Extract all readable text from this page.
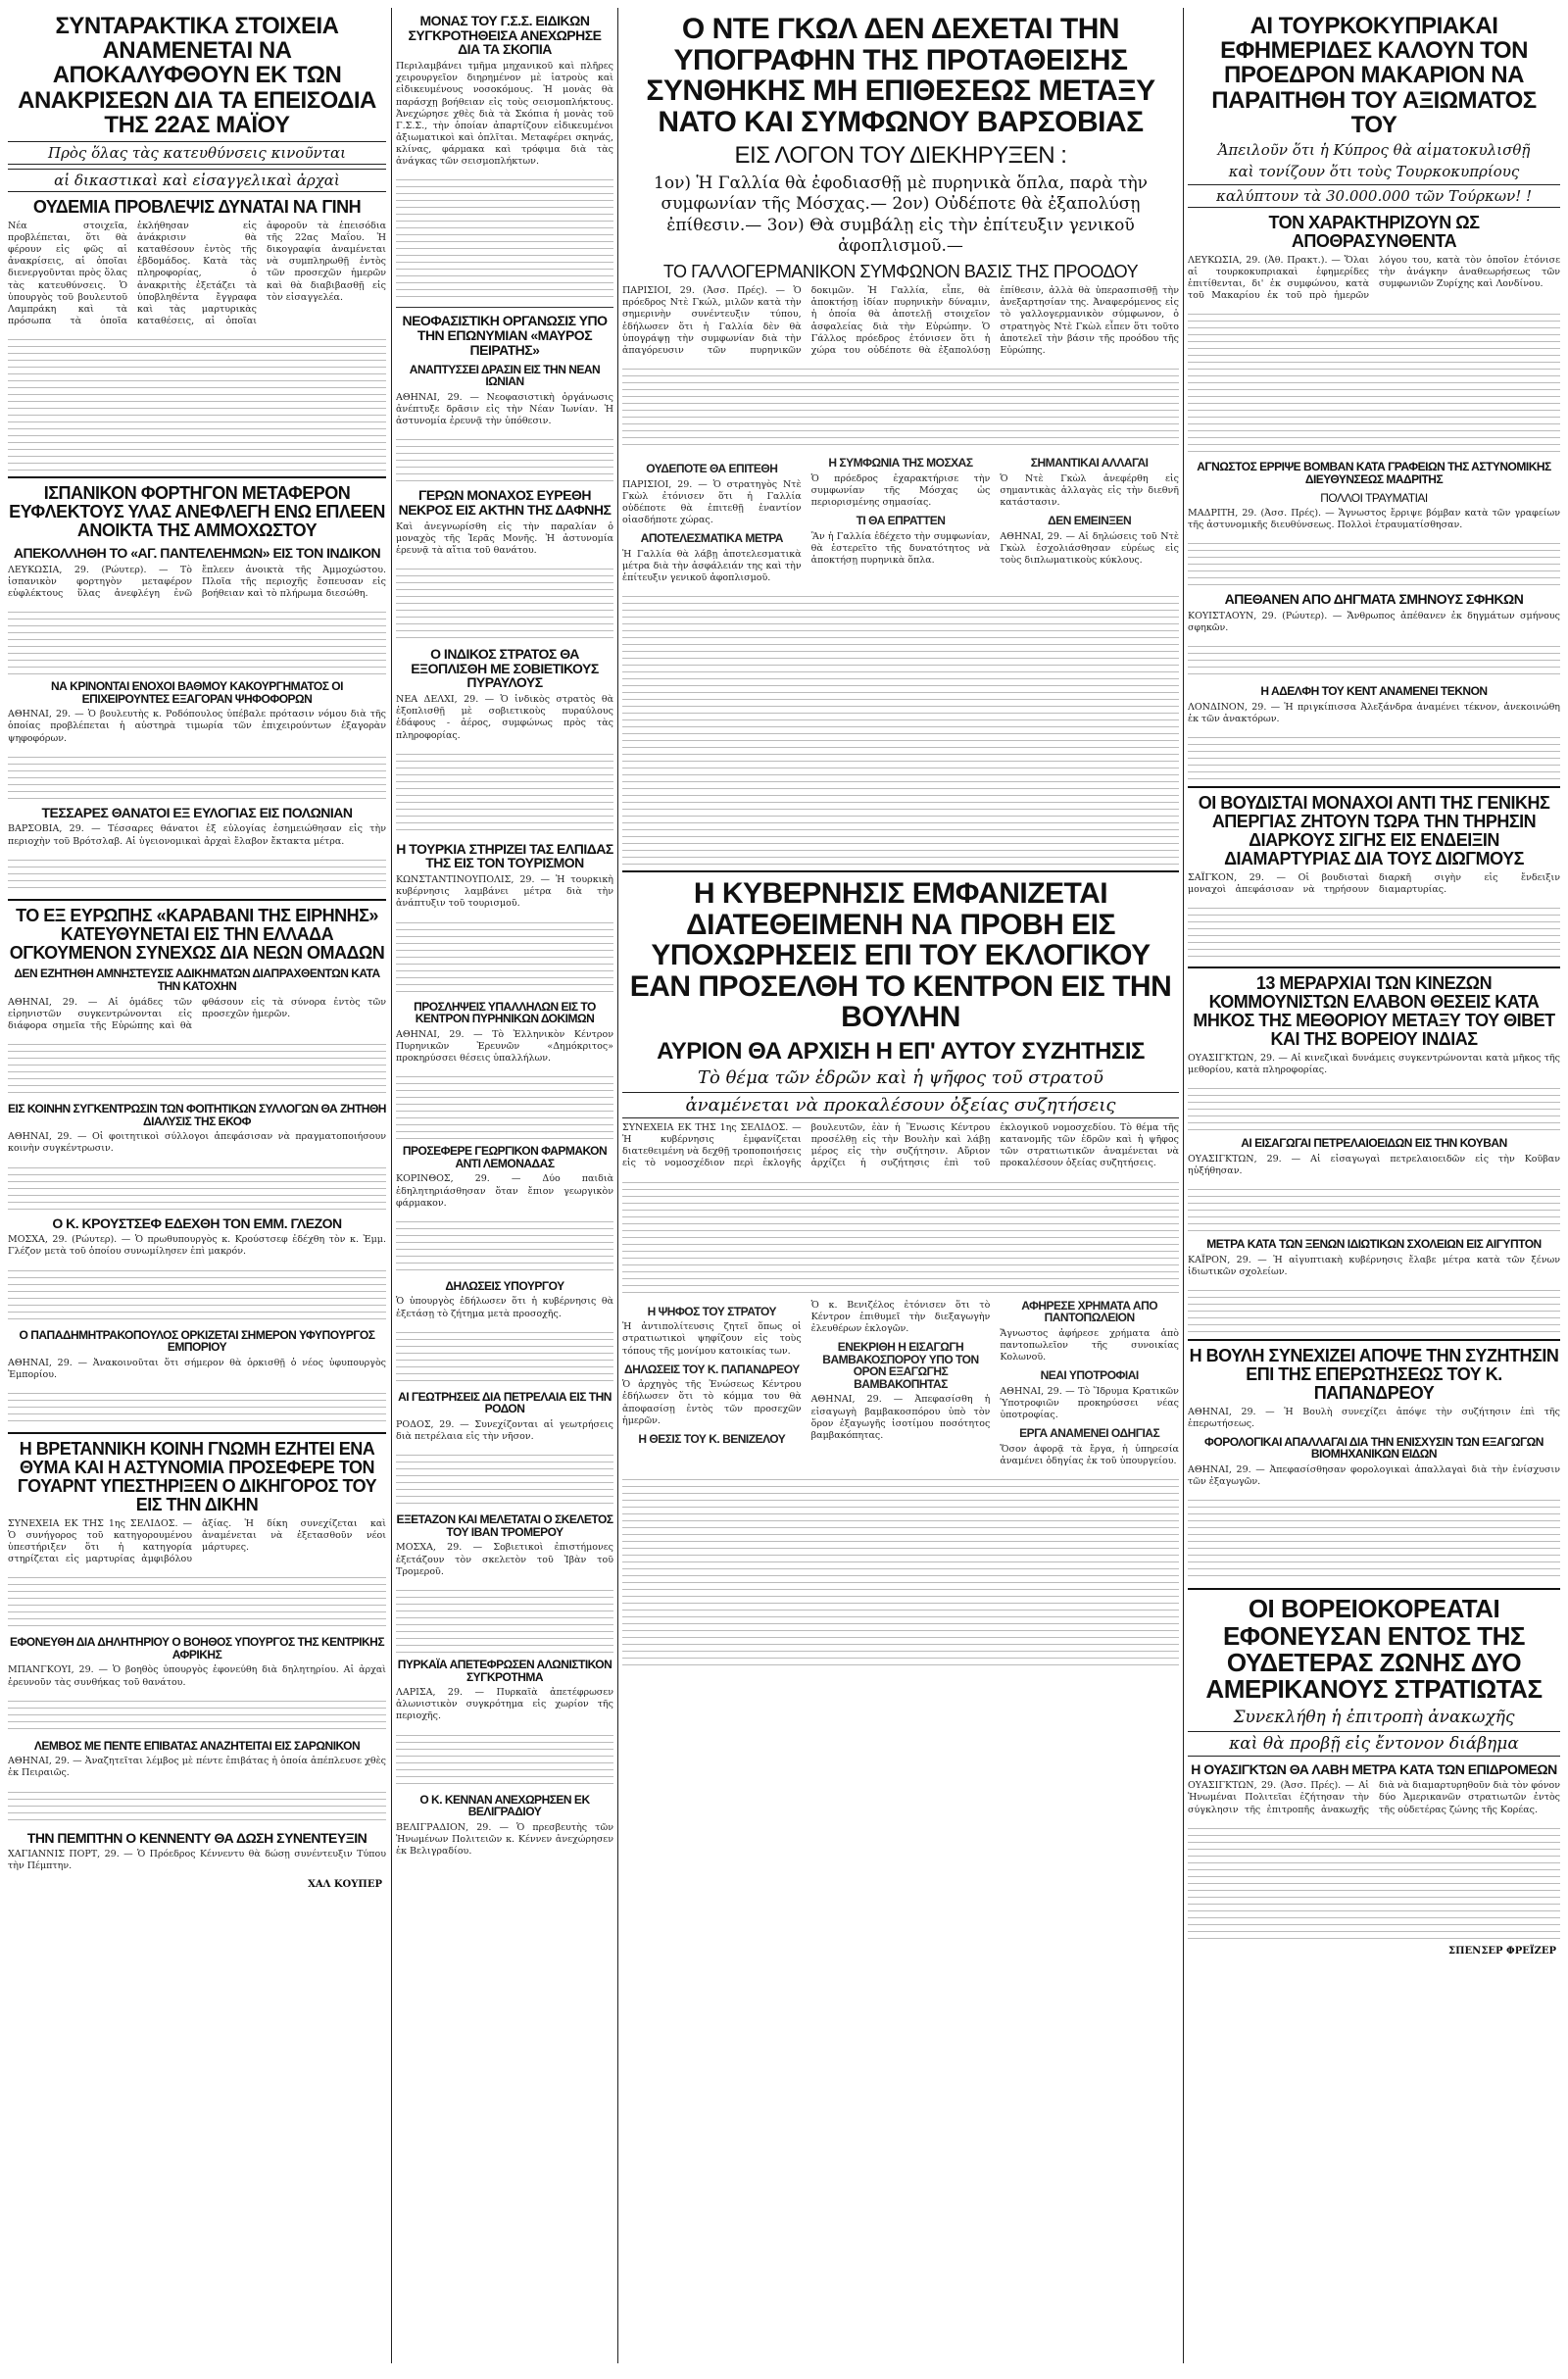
ΣΥΝΤΑΡΑΚΤΙΚΑ ΣΤΟΙΧΕΙΑ ΑΝΑΜΕΝΕΤΑΙ ΝΑ ΑΠΟΚΑΛΥΦΘΟΥΝ ΕΚ ΤΩΝ ΑΝΑΚΡΙΣΕΩΝ ΔΙΑ ΤΑ ΕΠΕΙΣΟΔΙΑ ΤΗΣ 22ΑΣ ΜΑΪΟΥ
Πρὸς ὅλας τὰς κατευθύνσεις κινοῦνται
αἱ δικαστικαὶ καὶ εἰσαγγελικαὶ ἀρχαὶ
ΟΥΔΕΜΙΑ ΠΡΟΒΛΕΨΙΣ ΔΥΝΑΤΑΙ ΝΑ ΓΙΝΗ
Νέα στοιχεῖα, προβλέπεται, ὅτι θὰ φέρουν εἰς φῶς αἱ ἀνακρίσεις, αἱ ὁποῖαι διενεργοῦνται πρὸς ὅλας τὰς κατευθύνσεις. Ὁ ὑπουργὸς τοῦ βουλευτοῦ Λαμπράκη καὶ τὰ πρόσωπα τὰ ὁποῖα ἐκλήθησαν εἰς ἀνάκρισιν θὰ καταθέσουν ἐντὸς τῆς ἑβδομάδος. Κατὰ τὰς πληροφορίας, ὁ ἀνακριτὴς ἐξετάζει τὰ ὑποβληθέντα ἔγγραφα καὶ τὰς μαρτυρικὰς καταθέσεις, αἱ ὁποῖαι ἀφοροῦν τὰ ἐπεισόδια τῆς 22ας Μαΐου. Ἡ δικογραφία ἀναμένεται νὰ συμπληρωθῇ ἐντὸς τῶν προσεχῶν ἡμερῶν καὶ θὰ διαβιβασθῇ εἰς τὸν εἰσαγγελέα.
ΙΣΠΑΝΙΚΟΝ ΦΟΡΤΗΓΟΝ ΜΕΤΑΦΕΡΟΝ ΕΥΦΛΕΚΤΟΥΣ ΥΛΑΣ ΑΝΕΦΛΕΓΗ ΕΝΩ ΕΠΛΕΕΝ ΑΝΟΙΚΤΑ ΤΗΣ ΑΜΜΟΧΩΣΤΟΥ
ΑΠΕΚΟΛΛΗΘΗ ΤΟ «ΑΓ. ΠΑΝΤΕΛΕΗΜΩΝ» ΕΙΣ ΤΟΝ ΙΝΔΙΚΟΝ
ΛΕΥΚΩΣΙΑ, 29. (Ρώυτερ). — Τὸ ἱσπανικὸν φορτηγὸν μεταφέρον εὐφλέκτους ὕλας ἀνεφλέγη ἐνῶ ἔπλεεν ἀνοικτὰ τῆς Ἀμμοχώστου. Πλοῖα τῆς περιοχῆς ἔσπευσαν εἰς βοήθειαν καὶ τὸ πλήρωμα διεσώθη.
ΝΑ ΚΡΙΝΟΝΤΑΙ ΕΝΟΧΟΙ ΒΑΘΜΟΥ ΚΑΚΟΥΡΓΗΜΑΤΟΣ ΟΙ ΕΠΙΧΕΙΡΟΥΝΤΕΣ ΕΞΑΓΟΡΑΝ ΨΗΦΟΦΟΡΩΝ
ΑΘΗΝΑΙ, 29. — Ὁ βουλευτὴς κ. Ροδόπουλος ὑπέβαλε πρότασιν νόμου διὰ τῆς ὁποίας προβλέπεται ἡ αὐστηρὰ τιμωρία τῶν ἐπιχειρούντων ἐξαγορὰν ψηφοφόρων.
ΤΕΣΣΑΡΕΣ ΘΑΝΑΤΟΙ ΕΞ ΕΥΛΟΓΙΑΣ ΕΙΣ ΠΟΛΩΝΙΑΝ
ΒΑΡΣΟΒΙΑ, 29. — Τέσσαρες θάνατοι ἐξ εὐλογίας ἐσημειώθησαν εἰς τὴν περιοχὴν τοῦ Βρότσλαβ. Αἱ ὑγειονομικαὶ ἀρχαὶ ἔλαβον ἔκτακτα μέτρα.
ΤΟ ΕΞ ΕΥΡΩΠΗΣ «ΚΑΡΑΒΑΝΙ ΤΗΣ ΕΙΡΗΝΗΣ» ΚΑΤΕΥΘΥΝΕΤΑΙ ΕΙΣ ΤΗΝ ΕΛΛΑΔΑ ΟΓΚΟΥΜΕΝΟΝ ΣΥΝΕΧΩΣ ΔΙΑ ΝΕΩΝ ΟΜΑΔΩΝ
ΔΕΝ ΕΖΗΤΗΘΗ ΑΜΝΗΣΤΕΥΣΙΣ ΑΔΙΚΗΜΑΤΩΝ ΔΙΑΠΡΑΧΘΕΝΤΩΝ ΚΑΤΑ ΤΗΝ ΚΑΤΟΧΗΝ
ΑΘΗΝΑΙ, 29. — Αἱ ὁμάδες τῶν εἰρηνιστῶν συγκεντρώνονται εἰς διάφορα σημεῖα τῆς Εὐρώπης καὶ θὰ φθάσουν εἰς τὰ σύνορα ἐντὸς τῶν προσεχῶν ἡμερῶν.
ΕΙΣ ΚΟΙΝΗΝ ΣΥΓΚΕΝΤΡΩΣΙΝ ΤΩΝ ΦΟΙΤΗΤΙΚΩΝ ΣΥΛΛΟΓΩΝ ΘΑ ΖΗΤΗΘΗ ΔΙΑΛΥΣΙΣ ΤΗΣ ΕΚΟΦ
ΑΘΗΝΑΙ, 29. — Οἱ φοιτητικοὶ σύλλογοι ἀπεφάσισαν νὰ πραγματοποιήσουν κοινὴν συγκέντρωσιν.
Ο Κ. ΚΡΟΥΣΤΣΕΦ ΕΔΕΧΘΗ ΤΟΝ ΕΜΜ. ΓΛΕΖΟΝ
ΜΟΣΧΑ, 29. (Ρώυτερ). — Ὁ πρωθυπουργὸς κ. Κρούστσεφ ἐδέχθη τὸν κ. Ἐμμ. Γλέζον μετὰ τοῦ ὁποίου συνωμίλησεν ἐπὶ μακρόν.
Ο ΠΑΠΑΔΗΜΗΤΡΑΚΟΠΟΥΛΟΣ ΟΡΚΙΖΕΤΑΙ ΣΗΜΕΡΟΝ ΥΦΥΠΟΥΡΓΟΣ ΕΜΠΟΡΙΟΥ
ΑΘΗΝΑΙ, 29. — Ἀνακοινοῦται ὅτι σήμερον θὰ ὁρκισθῇ ὁ νέος ὑφυπουργὸς Ἐμπορίου.
Η ΒΡΕΤΑΝΝΙΚΗ ΚΟΙΝΗ ΓΝΩΜΗ ΕΖΗΤΕΙ ΕΝΑ ΘΥΜΑ ΚΑΙ Η ΑΣΤΥΝΟΜΙΑ ΠΡΟΣΕΦΕΡΕ ΤΟΝ ΓΟΥΑΡΝΤ ΥΠΕΣΤΗΡΙΞΕΝ Ο ΔΙΚΗΓΟΡΟΣ ΤΟΥ ΕΙΣ ΤΗΝ ΔΙΚΗΝ
ΣΥΝΕΧΕΙΑ ΕΚ ΤΗΣ 1ης ΣΕΛΙΔΟΣ. — Ὁ συνήγορος τοῦ κατηγορουμένου ὑπεστήριξεν ὅτι ἡ κατηγορία στηρίζεται εἰς μαρτυρίας ἀμφιβόλου ἀξίας. Ἡ δίκη συνεχίζεται καὶ ἀναμένεται νὰ ἐξετασθοῦν νέοι μάρτυρες.
ΕΦΟΝΕΥΘΗ ΔΙΑ ΔΗΛΗΤΗΡΙΟΥ Ο ΒΟΗΘΟΣ ΥΠΟΥΡΓΟΣ ΤΗΣ ΚΕΝΤΡΙΚΗΣ ΑΦΡΙΚΗΣ
ΜΠΑΝΓΚΟΥΙ, 29. — Ὁ βοηθὸς ὑπουργὸς ἐφονεύθη διὰ δηλητηρίου. Αἱ ἀρχαὶ ἐρευνοῦν τὰς συνθήκας τοῦ θανάτου.
ΛΕΜΒΟΣ ΜΕ ΠΕΝΤΕ ΕΠΙΒΑΤΑΣ ΑΝΑΖΗΤΕΙΤΑΙ ΕΙΣ ΣΑΡΩΝΙΚΟΝ
ΑΘΗΝΑΙ, 29. — Ἀναζητεῖται λέμβος μὲ πέντε ἐπιβάτας ἡ ὁποία ἀπέπλευσε χθὲς ἐκ Πειραιῶς.
ΤΗΝ ΠΕΜΠΤΗΝ Ο ΚΕΝΝΕΝΤΥ ΘΑ ΔΩΣΗ ΣΥΝΕΝΤΕΥΞΙΝ
ΧΑΓΙΑΝΝΙΣ ΠΟΡΤ, 29. — Ὁ Πρόεδρος Κέννεντυ θὰ δώσῃ συνέντευξιν Τύπου τὴν Πέμπτην.
ΧΑΛ ΚΟΥΠΕΡ
ΜΟΝΑΣ ΤΟΥ Γ.Σ.Σ. ΕΙΔΙΚΩΝ ΣΥΓΚΡΟΤΗΘΕΙΣΑ ΑΝΕΧΩΡΗΣΕ ΔΙΑ ΤΑ ΣΚΟΠΙΑ
Περιλαμβάνει τμῆμα μηχανικοῦ καὶ πλῆρες χειρουργεῖον διηρημένον μὲ ἰατροὺς καὶ εἰδικευμένους νοσοκόμους. Ἡ μονὰς θὰ παράσχῃ βοήθειαν εἰς τοὺς σεισμοπλήκτους. Ἀνεχώρησε χθὲς διὰ τὰ Σκόπια ἡ μονὰς τοῦ Γ.Σ.Σ., τὴν ὁποίαν ἀπαρτίζουν εἰδικευμένοι ἀξιωματικοὶ καὶ ὁπλῖται. Μεταφέρει σκηνάς, κλίνας, φάρμακα καὶ τρόφιμα διὰ τὰς ἀνάγκας τῶν σεισμοπλήκτων.
ΝΕΟΦΑΣΙΣΤΙΚΗ ΟΡΓΑΝΩΣΙΣ ΥΠΟ ΤΗΝ ΕΠΩΝΥΜΙΑΝ «ΜΑΥΡΟΣ ΠΕΙΡΑΤΗΣ»
ΑΝΑΠΤΥΣΣΕΙ ΔΡΑΣΙΝ ΕΙΣ ΤΗΝ ΝΕΑΝ ΙΩΝΙΑΝ
ΑΘΗΝΑΙ, 29. — Νεοφασιστικὴ ὀργάνωσις ἀνέπτυξε δρᾶσιν εἰς τὴν Νέαν Ἰωνίαν. Ἡ ἀστυνομία ἐρευνᾷ τὴν ὑπόθεσιν.
ΓΕΡΩΝ ΜΟΝΑΧΟΣ ΕΥΡΕΘΗ ΝΕΚΡΟΣ ΕΙΣ ΑΚΤΗΝ ΤΗΣ ΔΑΦΝΗΣ
Καὶ ἀνεγνωρίσθη εἰς τὴν παραλίαν ὁ μοναχὸς τῆς Ἱερᾶς Μονῆς. Ἡ ἀστυνομία ἐρευνᾷ τὰ αἴτια τοῦ θανάτου.
Ο ΙΝΔΙΚΟΣ ΣΤΡΑΤΟΣ ΘΑ ΕΞΟΠΛΙΣΘΗ ΜΕ ΣΟΒΙΕΤΙΚΟΥΣ ΠΥΡΑΥΛΟΥΣ
ΝΕΑ ΔΕΛΧΙ, 29. — Ὁ ἰνδικὸς στρατὸς θὰ ἐξοπλισθῇ μὲ σοβιετικοὺς πυραύλους ἐδάφους - ἀέρος, συμφώνως πρὸς τὰς πληροφορίας.
Η ΤΟΥΡΚΙΑ ΣΤΗΡΙΖΕΙ ΤΑΣ ΕΛΠΙΔΑΣ ΤΗΣ ΕΙΣ ΤΟΝ ΤΟΥΡΙΣΜΟΝ
ΚΩΝΣΤΑΝΤΙΝΟΥΠΟΛΙΣ, 29. — Ἡ τουρκικὴ κυβέρνησις λαμβάνει μέτρα διὰ τὴν ἀνάπτυξιν τοῦ τουρισμοῦ.
ΠΡΟΣΛΗΨΕΙΣ ΥΠΑΛΛΗΛΩΝ ΕΙΣ ΤΟ ΚΕΝΤΡΟΝ ΠΥΡΗΝΙΚΩΝ ΔΟΚΙΜΩΝ
ΑΘΗΝΑΙ, 29. — Τὸ Ἑλληνικὸν Κέντρον Πυρηνικῶν Ἐρευνῶν «Δημόκριτος» προκηρύσσει θέσεις ὑπαλλήλων.
ΠΡΟΣΕΦΕΡΕ ΓΕΩΡΓΙΚΟΝ ΦΑΡΜΑΚΟΝ ΑΝΤΙ ΛΕΜΟΝΑΔΑΣ
ΚΟΡΙΝΘΟΣ, 29. — Δύο παιδιὰ ἐδηλητηριάσθησαν ὅταν ἔπιον γεωργικὸν φάρμακον.
ΔΗΛΩΣΕΙΣ ΥΠΟΥΡΓΟΥ
Ὁ ὑπουργὸς ἐδήλωσεν ὅτι ἡ κυβέρνησις θὰ ἐξετάσῃ τὸ ζήτημα μετὰ προσοχῆς.
ΑΙ ΓΕΩΤΡΗΣΕΙΣ ΔΙΑ ΠΕΤΡΕΛΑΙΑ ΕΙΣ ΤΗΝ ΡΟΔΟΝ
ΡΟΔΟΣ, 29. — Συνεχίζονται αἱ γεωτρήσεις διὰ πετρέλαια εἰς τὴν νῆσον.
ΕΞΕΤΑΖΟΝ ΚΑΙ ΜΕΛΕΤΑΤΑΙ Ο ΣΚΕΛΕΤΟΣ ΤΟΥ ΙΒΑΝ ΤΡΟΜΕΡΟΥ
ΜΟΣΧΑ, 29. — Σοβιετικοὶ ἐπιστήμονες ἐξετάζουν τὸν σκελετὸν τοῦ Ἰβὰν τοῦ Τρομεροῦ.
ΠΥΡΚΑΪΑ ΑΠΕΤΕΦΡΩΣΕΝ ΑΛΩΝΙΣΤΙΚΟΝ ΣΥΓΚΡΟΤΗΜΑ
ΛΑΡΙΣΑ, 29. — Πυρκαϊὰ ἀπετέφρωσεν ἀλωνιστικὸν συγκρότημα εἰς χωρίον τῆς περιοχῆς.
Ο Κ. ΚΕΝΝΑΝ ΑΝΕΧΩΡΗΣΕΝ ΕΚ ΒΕΛΙΓΡΑΔΙΟΥ
ΒΕΛΙΓΡΑΔΙΟΝ, 29. — Ὁ πρεσβευτὴς τῶν Ἡνωμένων Πολιτειῶν κ. Κέννεν ἀνεχώρησεν ἐκ Βελιγραδίου.
Ο ΝΤΕ ΓΚΩΛ ΔΕΝ ΔΕΧΕΤΑΙ ΤΗΝ ΥΠΟΓΡΑΦΗΝ ΤΗΣ ΠΡΟΤΑΘΕΙΣΗΣ ΣΥΝΘΗΚΗΣ ΜΗ ΕΠΙΘΕΣΕΩΣ ΜΕΤΑΞΥ ΝΑΤΟ ΚΑΙ ΣΥΜΦΩΝΟΥ ΒΑΡΣΟΒΙΑΣ
ΕΙΣ ΛΟΓΟΝ ΤΟΥ ΔΙΕΚΗΡΥΞΕΝ :
1ον) Ἡ Γαλλία θὰ ἐφοδιασθῇ μὲ πυρηνικὰ ὅπλα, παρὰ τὴν συμφωνίαν τῆς Μόσχας.— 2ον) Οὐδέποτε θὰ ἐξαπολύσῃ ἐπίθεσιν.— 3ον) Θὰ συμβάλῃ εἰς τὴν ἐπίτευξιν γενικοῦ ἀφοπλισμοῦ.—
ΤΟ ΓΑΛΛΟΓΕΡΜΑΝΙΚΟΝ ΣΥΜΦΩΝΟΝ ΒΑΣΙΣ ΤΗΣ ΠΡΟΟΔΟΥ
ΠΑΡΙΣΙΟΙ, 29. (Ἀσσ. Πρές). — Ὁ πρόεδρος Ντὲ Γκώλ, μιλῶν κατὰ τὴν σημερινὴν συνέντευξιν τύπου, ἐδήλωσεν ὅτι ἡ Γαλλία δὲν θὰ ὑπογράψῃ τὴν συμφωνίαν διὰ τὴν ἀπαγόρευσιν τῶν πυρηνικῶν δοκιμῶν. Ἡ Γαλλία, εἶπε, θὰ ἀποκτήσῃ ἰδίαν πυρηνικὴν δύναμιν, ἡ ὁποία θὰ ἀποτελῇ στοιχεῖον ἀσφαλείας διὰ τὴν Εὐρώπην. Ὁ Γάλλος πρόεδρος ἐτόνισεν ὅτι ἡ χώρα του οὐδέποτε θὰ ἐξαπολύσῃ ἐπίθεσιν, ἀλλὰ θὰ ὑπερασπισθῇ τὴν ἀνεξαρτησίαν της. Ἀναφερόμενος εἰς τὸ γαλλογερμανικὸν σύμφωνον, ὁ στρατηγὸς Ντὲ Γκὼλ εἶπεν ὅτι τοῦτο ἀποτελεῖ τὴν βάσιν τῆς προόδου τῆς Εὐρώπης.
ΟΥΔΕΠΟΤΕ ΘΑ ΕΠΙΤΕΘΗ
ΠΑΡΙΣΙΟΙ, 29. — Ὁ στρατηγὸς Ντὲ Γκὼλ ἐτόνισεν ὅτι ἡ Γαλλία οὐδέποτε θὰ ἐπιτεθῇ ἐναντίον οἱασδήποτε χώρας.
ΑΠΟΤΕΛΕΣΜΑΤΙΚΑ ΜΕΤΡΑ
Ἡ Γαλλία θὰ λάβῃ ἀποτελεσματικὰ μέτρα διὰ τὴν ἀσφάλειάν της καὶ τὴν ἐπίτευξιν γενικοῦ ἀφοπλισμοῦ.
Η ΣΥΜΦΩΝΙΑ ΤΗΣ ΜΟΣΧΑΣ
Ὁ πρόεδρος ἐχαρακτήρισε τὴν συμφωνίαν τῆς Μόσχας ὡς περιορισμένης σημασίας.
ΤΙ ΘΑ ΕΠΡΑΤΤΕΝ
Ἂν ἡ Γαλλία ἐδέχετο τὴν συμφωνίαν, θὰ ἐστερεῖτο τῆς δυνατότητος νὰ ἀποκτήσῃ πυρηνικὰ ὅπλα.
ΣΗΜΑΝΤΙΚΑΙ ΑΛΛΑΓΑΙ
Ὁ Ντὲ Γκὼλ ἀνεφέρθη εἰς σημαντικὰς ἀλλαγὰς εἰς τὴν διεθνῆ κατάστασιν.
ΔΕΝ ΕΜΕΙΝΞΕΝ
ΑΘΗΝΑΙ, 29. — Αἱ δηλώσεις τοῦ Ντὲ Γκὼλ ἐσχολιάσθησαν εὐρέως εἰς τοὺς διπλωματικοὺς κύκλους.
Η ΚΥΒΕΡΝΗΣΙΣ ΕΜΦΑΝΙΖΕΤΑΙ ΔΙΑΤΕΘΕΙΜΕΝΗ ΝΑ ΠΡΟΒΗ ΕΙΣ ΥΠΟΧΩΡΗΣΕΙΣ ΕΠΙ ΤΟΥ ΕΚΛΟΓΙΚΟΥ ΕΑΝ ΠΡΟΣΕΛΘΗ ΤΟ ΚΕΝΤΡΟΝ ΕΙΣ ΤΗΝ ΒΟΥΛΗΝ
ΑΥΡΙΟΝ ΘΑ ΑΡΧΙΣΗ Η ΕΠ' ΑΥΤΟΥ ΣΥΖΗΤΗΣΙΣ
Τὸ θέμα τῶν ἑδρῶν καὶ ἡ ψῆφος τοῦ στρατοῦ
ἀναμένεται νὰ προκαλέσουν ὀξείας συζητήσεις
ΣΥΝΕΧΕΙΑ ΕΚ ΤΗΣ 1ης ΣΕΛΙΔΟΣ. — Ἡ κυβέρνησις ἐμφανίζεται διατεθειμένη νὰ δεχθῇ τροποποιήσεις εἰς τὸ νομοσχέδιον περὶ ἐκλογῆς βουλευτῶν, ἐὰν ἡ Ἕνωσις Κέντρου προσέλθῃ εἰς τὴν Βουλὴν καὶ λάβῃ μέρος εἰς τὴν συζήτησιν. Αὔριον ἀρχίζει ἡ συζήτησις ἐπὶ τοῦ ἐκλογικοῦ νομοσχεδίου. Τὸ θέμα τῆς κατανομῆς τῶν ἑδρῶν καὶ ἡ ψῆφος τῶν στρατιωτικῶν ἀναμένεται νὰ προκαλέσουν ὀξείας συζητήσεις.
Η ΨΗΦΟΣ ΤΟΥ ΣΤΡΑΤΟΥ
Ἡ ἀντιπολίτευσις ζητεῖ ὅπως οἱ στρατιωτικοὶ ψηφίζουν εἰς τοὺς τόπους τῆς μονίμου κατοικίας των.
ΔΗΛΩΣΕΙΣ ΤΟΥ Κ. ΠΑΠΑΝΔΡΕΟΥ
Ὁ ἀρχηγὸς τῆς Ἑνώσεως Κέντρου ἐδήλωσεν ὅτι τὸ κόμμα του θὰ ἀποφασίσῃ ἐντὸς τῶν προσεχῶν ἡμερῶν.
Η ΘΕΣΙΣ ΤΟΥ Κ. ΒΕΝΙΖΕΛΟΥ
Ὁ κ. Βενιζέλος ἐτόνισεν ὅτι τὸ Κέντρον ἐπιθυμεῖ τὴν διεξαγωγὴν ἐλευθέρων ἐκλογῶν.
ΕΝΕΚΡΙΘΗ Η ΕΙΣΑΓΩΓΗ ΒΑΜΒΑΚΟΣΠΟΡΟΥ ΥΠΟ ΤΟΝ ΟΡΟΝ ΕΞΑΓΩΓΗΣ ΒΑΜΒΑΚΟΠΗΤΑΣ
ΑΘΗΝΑΙ, 29. — Ἀπεφασίσθη ἡ εἰσαγωγὴ βαμβακοσπόρου ὑπὸ τὸν ὅρον ἐξαγωγῆς ἰσοτίμου ποσότητος βαμβακόπητας.
ΑΦΗΡΕΣΕ ΧΡΗΜΑΤΑ ΑΠΟ ΠΑΝΤΟΠΩΛΕΙΟΝ
Ἄγνωστος ἀφήρεσε χρήματα ἀπὸ παντοπωλεῖον τῆς συνοικίας Κολωνοῦ.
ΝΕΑΙ ΥΠΟΤΡΟΦΙΑΙ
ΑΘΗΝΑΙ, 29. — Τὸ Ἵδρυμα Κρατικῶν Ὑποτροφιῶν προκηρύσσει νέας ὑποτροφίας.
ΕΡΓΑ ΑΝΑΜΕΝΕΙ ΟΔΗΓΙΑΣ
Ὅσον ἀφορᾷ τὰ ἔργα, ἡ ὑπηρεσία ἀναμένει ὁδηγίας ἐκ τοῦ ὑπουργείου.
ΑΙ ΤΟΥΡΚΟΚΥΠΡΙΑΚΑΙ ΕΦΗΜΕΡΙΔΕΣ ΚΑΛΟΥΝ ΤΟΝ ΠΡΟΕΔΡΟΝ ΜΑΚΑΡΙΟΝ ΝΑ ΠΑΡΑΙΤΗΘΗ ΤΟΥ ΑΞΙΩΜΑΤΟΣ ΤΟΥ
Ἀπειλοῦν ὅτι ἡ Κύπρος θὰ αἱματοκυλισθῇ
καὶ τονίζουν ὅτι τοὺς Τουρκοκυπρίους
καλύπτουν τὰ 30.000.000 τῶν Τούρκων! !
ΤΟΝ ΧΑΡΑΚΤΗΡΙΖΟΥΝ ΩΣ ΑΠΟΘΡΑΣΥΝΘΕΝΤΑ
ΛΕΥΚΩΣΙΑ, 29. (Ἀθ. Πρακτ.). — Ὅλαι αἱ τουρκοκυπριακαὶ ἐφημερίδες ἐπιτίθενται, δι' ἐκ συμφώνου, κατὰ τοῦ Μακαρίου ἐκ τοῦ πρὸ ἡμερῶν λόγου του, κατὰ τὸν ὁποῖον ἐτόνισε τὴν ἀνάγκην ἀναθεωρήσεως τῶν συμφωνιῶν Ζυρίχης καὶ Λονδίνου.
ΑΓΝΩΣΤΟΣ ΕΡΡΙΨΕ ΒΟΜΒΑΝ ΚΑΤΑ ΓΡΑΦΕΙΩΝ ΤΗΣ ΑΣΤΥΝΟΜΙΚΗΣ ΔΙΕΥΘΥΝΣΕΩΣ ΜΑΔΡΙΤΗΣ
ΠΟΛΛΟΙ ΤΡΑΥΜΑΤΙΑΙ
ΜΑΔΡΙΤΗ, 29. (Ἀσσ. Πρές). — Ἄγνωστος ἔρριψε βόμβαν κατὰ τῶν γραφείων τῆς ἀστυνομικῆς διευθύνσεως. Πολλοὶ ἐτραυματίσθησαν.
ΑΠΕΘΑΝΕΝ ΑΠΟ ΔΗΓΜΑΤΑ ΣΜΗΝΟΥΣ ΣΦΗΚΩΝ
ΚΟΥΙΣΤΑΟΥΝ, 29. (Ρώυτερ). — Ἄνθρωπος ἀπέθανεν ἐκ δηγμάτων σμήνους σφηκῶν.
Η ΑΔΕΛΦΗ ΤΟΥ ΚΕΝΤ ΑΝΑΜΕΝΕΙ ΤΕΚΝΟΝ
ΛΟΝΔΙΝΟΝ, 29. — Ἡ πριγκίπισσα Ἀλεξάνδρα ἀναμένει τέκνον, ἀνεκοινώθη ἐκ τῶν ἀνακτόρων.
ΟΙ ΒΟΥΔΙΣΤΑΙ ΜΟΝΑΧΟΙ ΑΝΤΙ ΤΗΣ ΓΕΝΙΚΗΣ ΑΠΕΡΓΙΑΣ ΖΗΤΟΥΝ ΤΩΡΑ ΤΗΝ ΤΗΡΗΣΙΝ ΔΙΑΡΚΟΥΣ ΣΙΓΗΣ ΕΙΣ ΕΝΔΕΙΞΙΝ ΔΙΑΜΑΡΤΥΡΙΑΣ ΔΙΑ ΤΟΥΣ ΔΙΩΓΜΟΥΣ
ΣΑΪΓΚΟΝ, 29. — Οἱ βουδισταὶ μοναχοὶ ἀπεφάσισαν νὰ τηρήσουν διαρκῆ σιγὴν εἰς ἔνδειξιν διαμαρτυρίας.
13 ΜΕΡΑΡΧΙΑΙ ΤΩΝ ΚΙΝΕΖΩΝ ΚΟΜΜΟΥΝΙΣΤΩΝ ΕΛΑΒΟΝ ΘΕΣΕΙΣ ΚΑΤΑ ΜΗΚΟΣ ΤΗΣ ΜΕΘΟΡΙΟΥ ΜΕΤΑΞΥ ΤΟΥ ΘΙΒΕΤ ΚΑΙ ΤΗΣ ΒΟΡΕΙΟΥ ΙΝΔΙΑΣ
ΟΥΑΣΙΓΚΤΩΝ, 29. — Αἱ κινεζικαὶ δυνάμεις συγκεντρώνονται κατὰ μῆκος τῆς μεθορίου, κατὰ πληροφορίας.
ΑΙ ΕΙΣΑΓΩΓΑΙ ΠΕΤΡΕΛΑΙΟΕΙΔΩΝ ΕΙΣ ΤΗΝ ΚΟΥΒΑΝ
ΟΥΑΣΙΓΚΤΩΝ, 29. — Αἱ εἰσαγωγαὶ πετρελαιοειδῶν εἰς τὴν Κοῦβαν ηὐξήθησαν.
ΜΕΤΡΑ ΚΑΤΑ ΤΩΝ ΞΕΝΩΝ ΙΔΙΩΤΙΚΩΝ ΣΧΟΛΕΙΩΝ ΕΙΣ ΑΙΓΥΠΤΟΝ
ΚΑΪΡΟΝ, 29. — Ἡ αἰγυπτιακὴ κυβέρνησις ἔλαβε μέτρα κατὰ τῶν ξένων ἰδιωτικῶν σχολείων.
Η ΒΟΥΛΗ ΣΥΝΕΧΙΖΕΙ ΑΠΟΨΕ ΤΗΝ ΣΥΖΗΤΗΣΙΝ ΕΠΙ ΤΗΣ ΕΠΕΡΩΤΗΣΕΩΣ ΤΟΥ Κ. ΠΑΠΑΝΔΡΕΟΥ
ΑΘΗΝΑΙ, 29. — Ἡ Βουλὴ συνεχίζει ἀπόψε τὴν συζήτησιν ἐπὶ τῆς ἐπερωτήσεως.
ΦΟΡΟΛΟΓΙΚΑΙ ΑΠΑΛΛΑΓΑΙ ΔΙΑ ΤΗΝ ΕΝΙΣΧΥΣΙΝ ΤΩΝ ΕΞΑΓΩΓΩΝ ΒΙΟΜΗΧΑΝΙΚΩΝ ΕΙΔΩΝ
ΑΘΗΝΑΙ, 29. — Ἀπεφασίσθησαν φορολογικαὶ ἀπαλλαγαὶ διὰ τὴν ἐνίσχυσιν τῶν ἐξαγωγῶν.
ΟΙ ΒΟΡΕΙΟΚΟΡΕΑΤΑΙ ΕΦΟΝΕΥΣΑΝ ΕΝΤΟΣ ΤΗΣ ΟΥΔΕΤΕΡΑΣ ΖΩΝΗΣ ΔΥΟ ΑΜΕΡΙΚΑΝΟΥΣ ΣΤΡΑΤΙΩΤΑΣ
Συνεκλήθη ἡ ἐπιτροπὴ ἀνακωχῆς
καὶ θὰ προβῇ εἰς ἔντονον διάβημα
Η ΟΥΑΣΙΓΚΤΩΝ ΘΑ ΛΑΒΗ ΜΕΤΡΑ ΚΑΤΑ ΤΩΝ ΕΠΙΔΡΟΜΕΩΝ
ΟΥΑΣΙΓΚΤΩΝ, 29. (Ἀσσ. Πρές). — Αἱ Ἡνωμέναι Πολιτεῖαι ἐζήτησαν τὴν σύγκλησιν τῆς ἐπιτροπῆς ἀνακωχῆς διὰ νὰ διαμαρτυρηθοῦν διὰ τὸν φόνον δύο Ἀμερικανῶν στρατιωτῶν ἐντὸς τῆς οὐδετέρας ζώνης τῆς Κορέας.
ΣΠΕΝΣΕΡ ΦΡΕΪΖΕΡ
